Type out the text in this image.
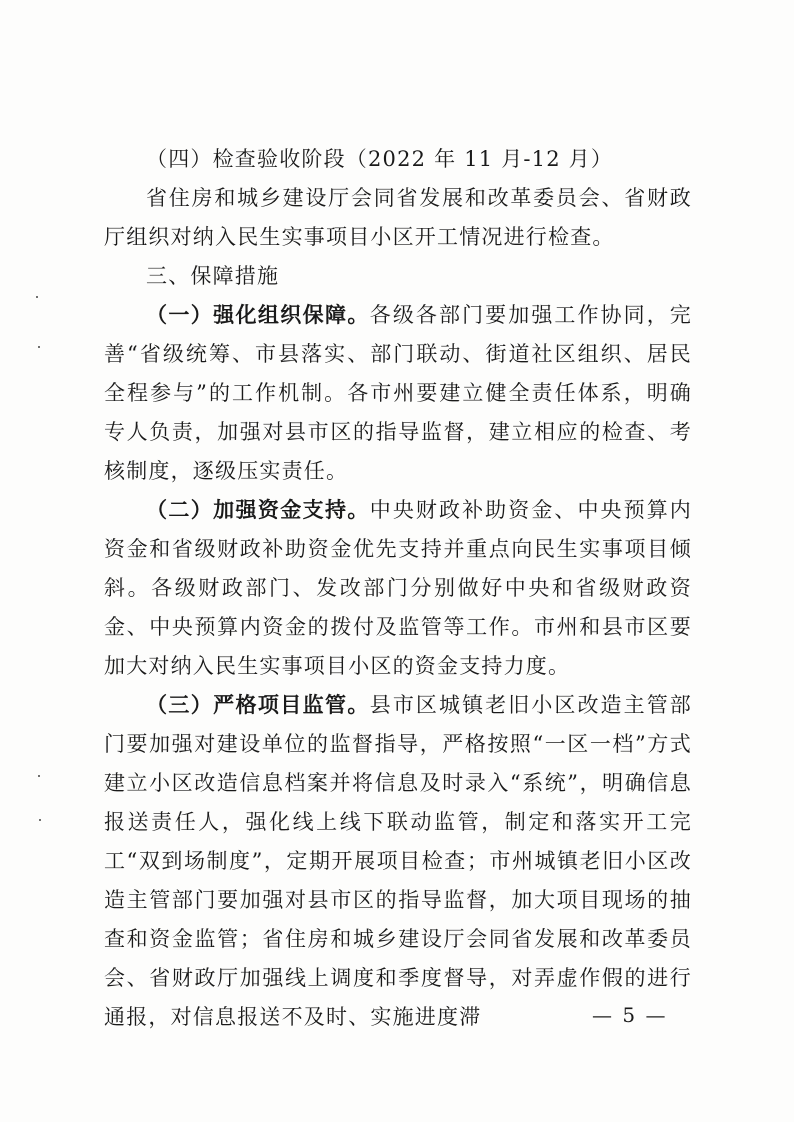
（四）检查验收阶段（2022 年 11 月-12 月）

省住房和城乡建设厅会同省发展和改革委员会、省财政厅组织对纳入民生实事项目小区开工情况进行检查。

三、保障措施

（一）强化组织保障。各级各部门要加强工作协同，完善“省级统筹、市县落实、部门联动、街道社区组织、居民全程参与”的工作机制。各市州要建立健全责任体系，明确专人负责，加强对县市区的指导监督，建立相应的检查、考核制度，逐级压实责任。

（二）加强资金支持。中央财政补助资金、中央预算内资金和省级财政补助资金优先支持并重点向民生实事项目倾斜。各级财政部门、发改部门分别做好中央和省级财政资金、中央预算内资金的拨付及监管等工作。市州和县市区要加大对纳入民生实事项目小区的资金支持力度。

（三）严格项目监管。县市区城镇老旧小区改造主管部门要加强对建设单位的监督指导，严格按照“一区一档”方式建立小区改造信息档案并将信息及时录入“系统”，明确信息报送责任人，强化线上线下联动监管，制定和落实开工完工“双到场制度”，定期开展项目检查；市州城镇老旧小区改造主管部门要加强对县市区的指导监督，加大项目现场的抽查和资金监管；省住房和城乡建设厅会同省发展和改革委员会、省财政厅加强线上调度和季度督导，对弄虚作假的进行通报，对信息报送不及时、实施进度滞	— 5 —
